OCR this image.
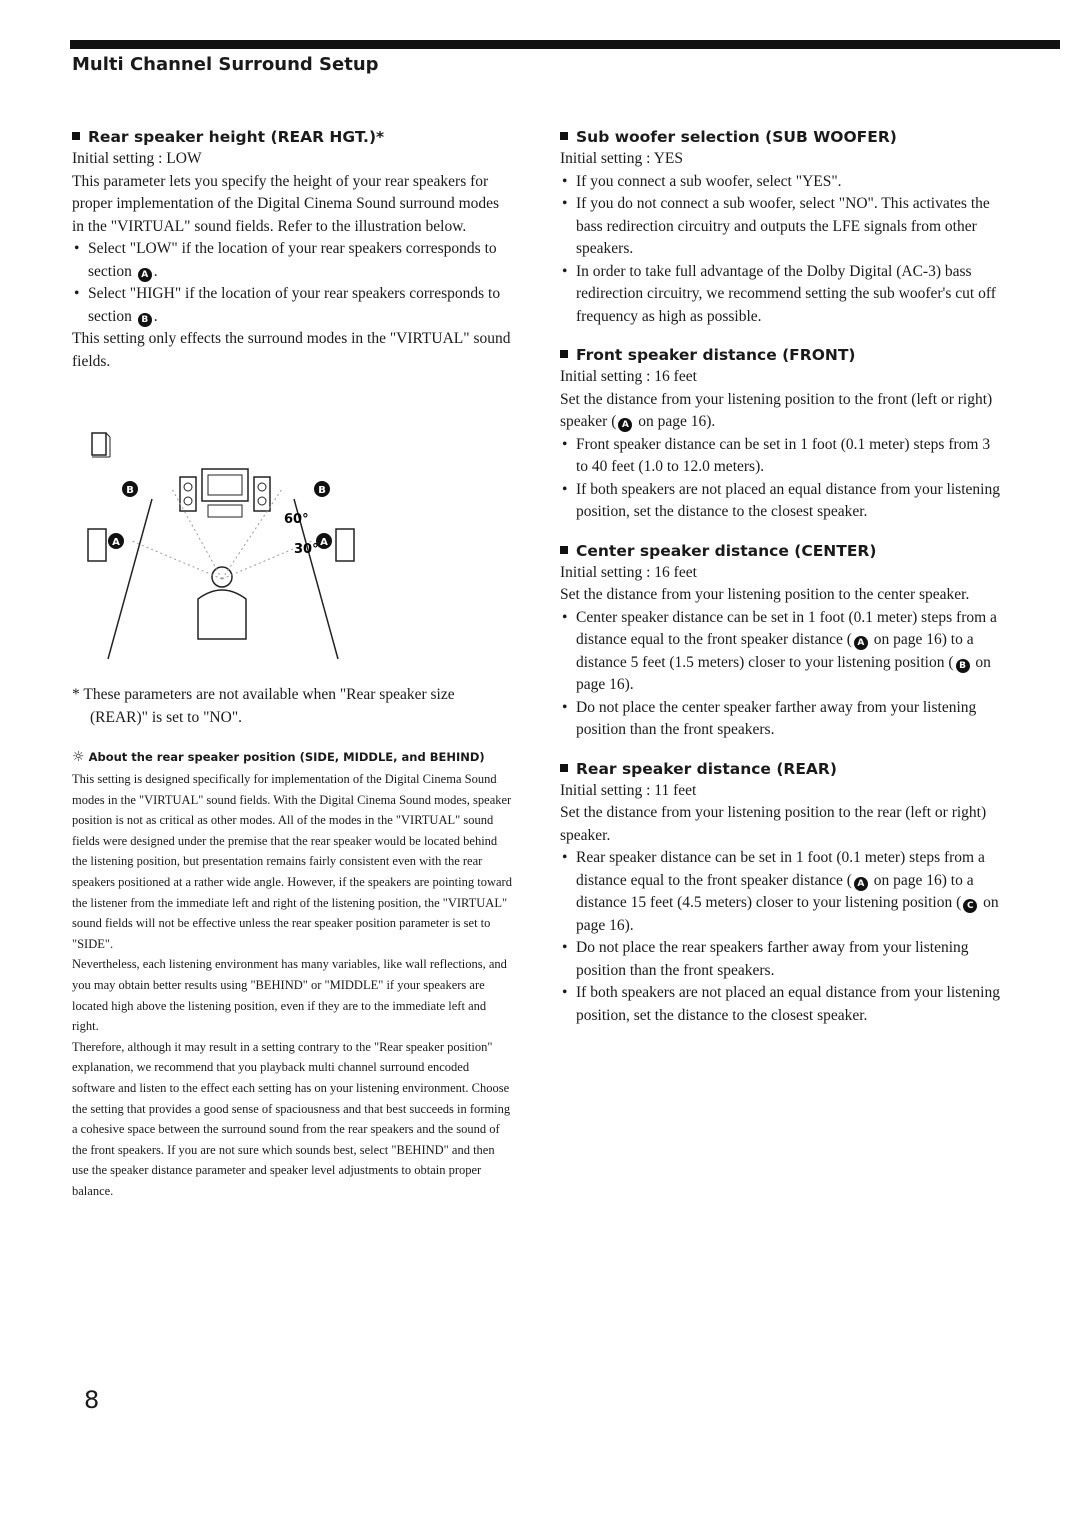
Multi Channel Surround Setup
Rear speaker height (REAR HGT.)*

Initial setting : LOW

This parameter lets you specify the height of your rear speakers for proper implementation of the Digital Cinema Sound surround modes in the "VIRTUAL" sound fields. Refer to the illustration below.

• Select "LOW" if the location of your rear speakers corresponds to section A .
• Select "HIGH" if the location of your rear speakers corresponds to section B .

This setting only effects the surround modes in the "VIRTUAL" sound fields.

B	B
A	A
60°
30°

* These parameters are not available when "Rear speaker size (REAR)" is set to "NO".

☼ About the rear speaker position (SIDE, MIDDLE, and BEHIND)

This setting is designed specifically for implementation of the Digital Cinema Sound modes in the "VIRTUAL" sound fields. With the Digital Cinema Sound modes, speaker position is not as critical as other modes. All of the modes in the "VIRTUAL" sound fields were designed under the premise that the rear speaker would be located behind the listening position, but presentation remains fairly consistent even with the rear speakers positioned at a rather wide angle. However, if the speakers are pointing toward the listener from the immediate left and right of the listening position, the "VIRTUAL" sound fields will not be effective unless the rear speaker position parameter is set to "SIDE".

Nevertheless, each listening environment has many variables, like wall reflections, and you may obtain better results using "BEHIND" or "MIDDLE" if your speakers are located high above the listening position, even if they are to the immediate left and right.

Therefore, although it may result in a setting contrary to the "Rear speaker position" explanation, we recommend that you playback multi channel surround encoded software and listen to the effect each setting has on your listening environment. Choose the setting that provides a good sense of spaciousness and that best succeeds in forming a cohesive space between the surround sound from the rear speakers and the sound of the front speakers. If you are not sure which sounds best, select "BEHIND" and then use the speaker distance parameter and speaker level adjustments to obtain proper balance.

Sub woofer selection (SUB WOOFER)

Initial setting : YES

• If you connect a sub woofer, select "YES".
• If you do not connect a sub woofer, select "NO". This activates the bass redirection circuitry and outputs the LFE signals from other speakers.
• In order to take full advantage of the Dolby Digital (AC-3) bass redirection circuitry, we recommend setting the sub woofer's cut off frequency as high as possible.
Front speaker distance (FRONT)

Initial setting : 16 feet

Set the distance from your listening position to the front (left or right) speaker ( A on page 16).

• Front speaker distance can be set in 1 foot (0.1 meter) steps from 3 to 40 feet (1.0 to 12.0 meters).
• If both speakers are not placed an equal distance from your listening position, set the distance to the closest speaker.
Center speaker distance (CENTER)

Initial setting : 16 feet

Set the distance from your listening position to the center speaker.

• Center speaker distance can be set in 1 foot (0.1 meter) steps from a distance equal to the front speaker distance ( A on page 16) to a distance 5 feet (1.5 meters) closer to your listening position ( B on page 16).
• Do not place the center speaker farther away from your listening position than the front speakers.
Rear speaker distance (REAR)

Initial setting : 11 feet

Set the distance from your listening position to the rear (left or right) speaker.

• Rear speaker distance can be set in 1 foot (0.1 meter) steps from a distance equal to the front speaker distance ( A on page 16) to a distance 15 feet (4.5 meters) closer to your listening position ( C on page 16).
• Do not place the rear speakers farther away from your listening position than the front speakers.
• If both speakers are not placed an equal distance from your listening position, set the distance to the closest speaker.
8
